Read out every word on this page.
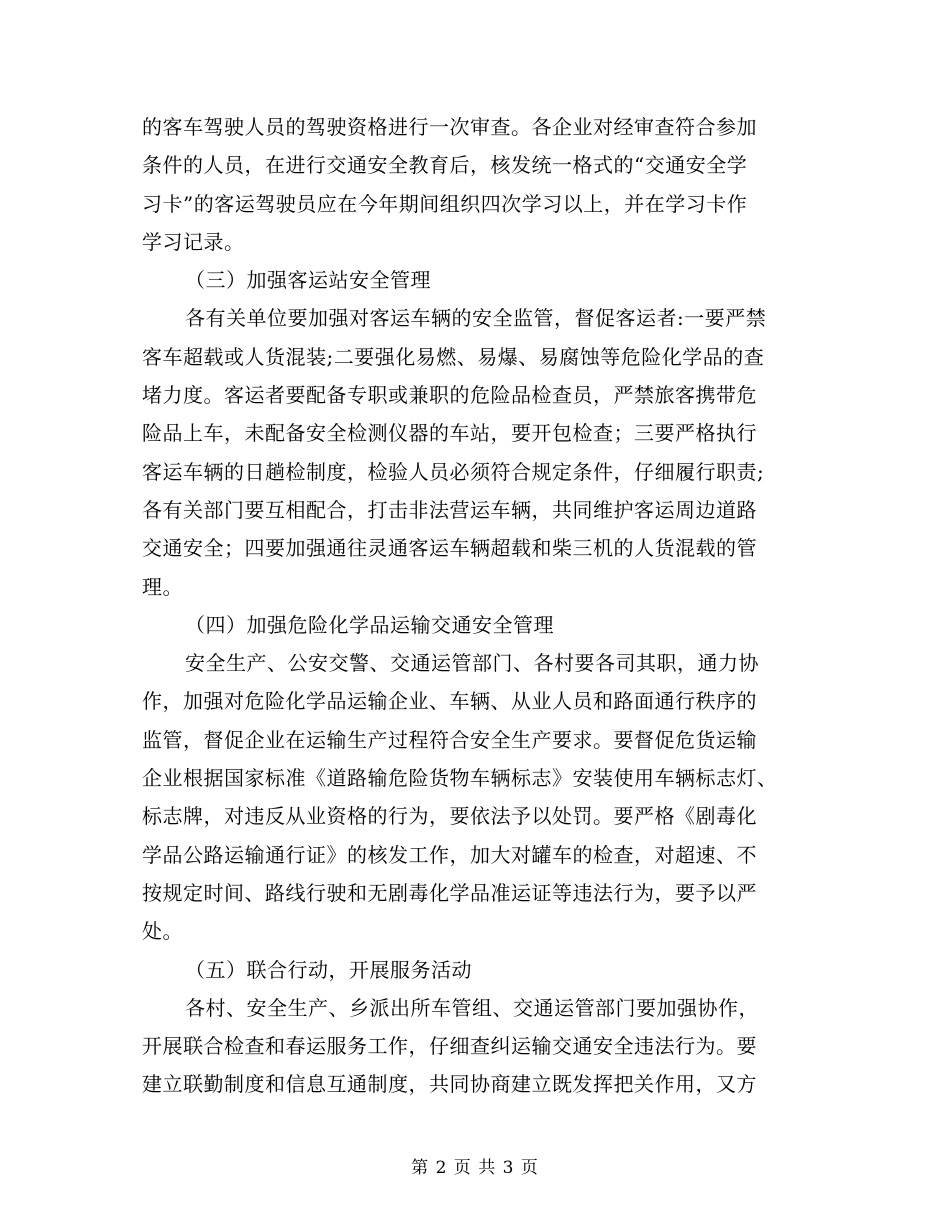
的客车驾驶人员的驾驶资格进行一次审查。各企业对经审查符合参加
条件的人员，在进行交通安全教育后，核发统一格式的“交通安全学
习卡”的客运驾驶员应在今年期间组织四次学习以上，并在学习卡作
学习记录。
（三）加强客运站安全管理
各有关单位要加强对客运车辆的安全监管，督促客运者:一要严禁
客车超载或人货混装;二要强化易燃、易爆、易腐蚀等危险化学品的查
堵力度。客运者要配备专职或兼职的危险品检查员，严禁旅客携带危
险品上车，未配备安全检测仪器的车站，要开包检查；三要严格执行
客运车辆的日趟检制度，检验人员必须符合规定条件，仔细履行职责;
各有关部门要互相配合，打击非法营运车辆，共同维护客运周边道路
交通安全；四要加强通往灵通客运车辆超载和柴三机的人货混载的管
理。
（四）加强危险化学品运输交通安全管理
安全生产、公安交警、交通运管部门、各村要各司其职，通力协
作，加强对危险化学品运输企业、车辆、从业人员和路面通行秩序的
监管，督促企业在运输生产过程符合安全生产要求。要督促危货运输
企业根据国家标准《道路输危险货物车辆标志》安装使用车辆标志灯、
标志牌，对违反从业资格的行为，要依法予以处罚。要严格《剧毒化
学品公路运输通行证》的核发工作，加大对罐车的检查，对超速、不
按规定时间、路线行驶和无剧毒化学品准运证等违法行为，要予以严
处。
（五）联合行动，开展服务活动
各村、安全生产、乡派出所车管组、交通运管部门要加强协作，
开展联合检查和春运服务工作，仔细查纠运输交通安全违法行为。要
建立联勤制度和信息互通制度，共同协商建立既发挥把关作用，又方
第 2 页 共 3 页
